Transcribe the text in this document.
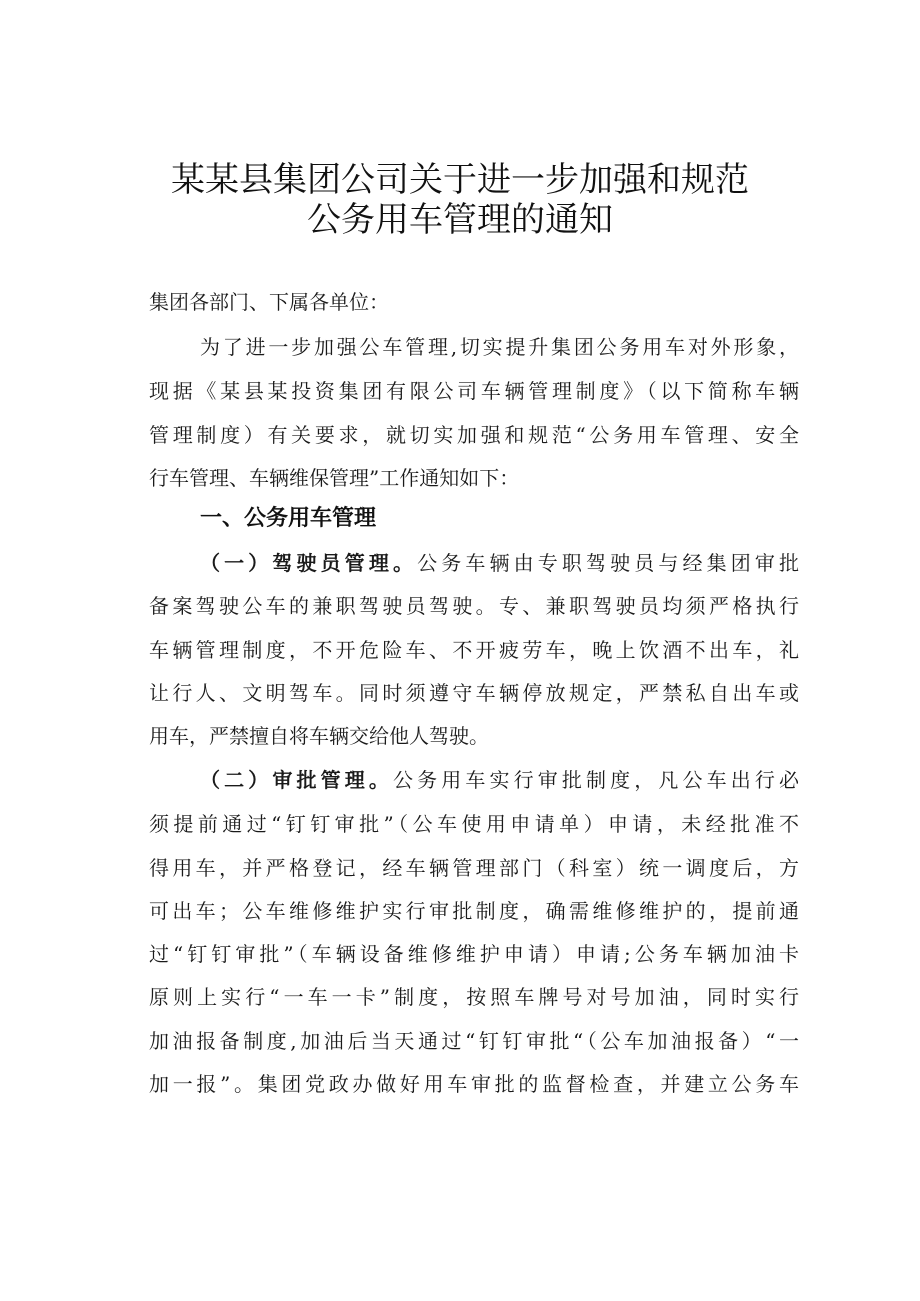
某某县集团公司关于进一步加强和规范
公务用车管理的通知
集团各部门、下属各单位：
为了进一步加强公车管理,切实提升集团公务用车对外形象，
现据《某县某投资集团有限公司车辆管理制度》（以下简称车辆
管理制度）有关要求，就切实加强和规范“公务用车管理、安全
行车管理、车辆维保管理”工作通知如下：
一、公务用车管理
（一）驾驶员管理。公务车辆由专职驾驶员与经集团审批
备案驾驶公车的兼职驾驶员驾驶。专、兼职驾驶员均须严格执行
车辆管理制度，不开危险车、不开疲劳车，晚上饮酒不出车，礼
让行人、文明驾车。同时须遵守车辆停放规定，严禁私自出车或
用车，严禁擅自将车辆交给他人驾驶。
（二）审批管理。公务用车实行审批制度，凡公车出行必
须提前通过“钉钉审批”（公车使用申请单）申请，未经批准不
得用车，并严格登记，经车辆管理部门（科室）统一调度后，方
可出车；公车维修维护实行审批制度，确需维修维护的，提前通
过“钉钉审批”（车辆设备维修维护申请）申请;公务车辆加油卡
原则上实行“一车一卡”制度，按照车牌号对号加油，同时实行
加油报备制度,加油后当天通过“钉钉审批“（公车加油报备）“一
加一报”。集团党政办做好用车审批的监督检查，并建立公务车
